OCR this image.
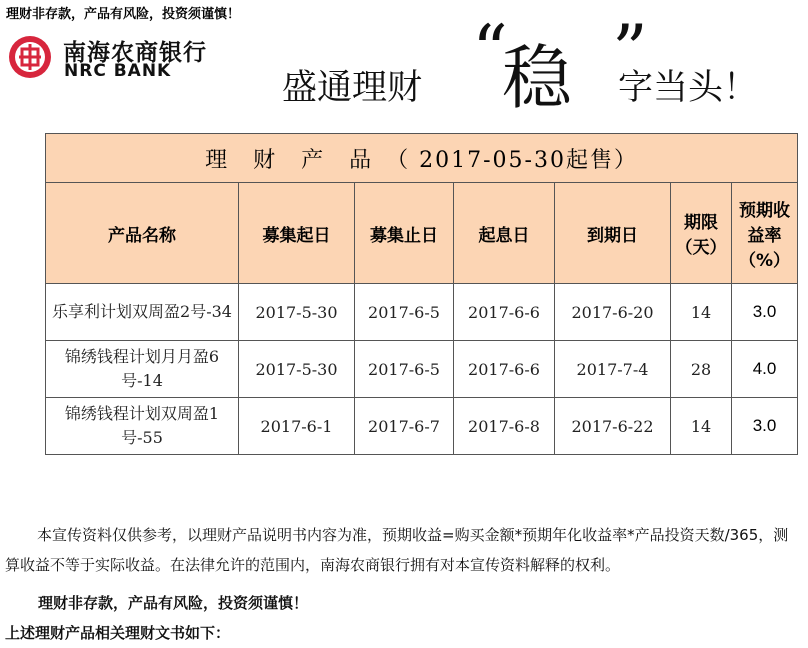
理财非存款，产品有风险，投资须谨慎！
南海农商银行
NRC BANK	盛通理财 “
稳 ”
字当头！
理　财　产　品　（ 2017-05-30起售）						
产品名称	募集起日	募集止日	起息日	到期日	期限（天）	预期收益率（%）
乐享利计划双周盈2号-34	2017-5-30	2017-6-5	2017-6-6	2017-6-20	14	3.0
锦绣钱程计划月月盈6号-14	2017-5-30	2017-6-5	2017-6-6	2017-7-4	28	4.0
锦绣钱程计划双周盈1号-55	2017-6-1	2017-6-7	2017-6-8	2017-6-22	14	3.0
本宣传资料仅供参考，以理财产品说明书内容为准，预期收益=购买金额*预期年化收益率*产品投资天数/365，测算收益不等于实际收益。在法律允许的范围内，南海农商银行拥有对本宣传资料解释的权利。
理财非存款，产品有风险，投资须谨慎！
上述理财产品相关理财文书如下：
